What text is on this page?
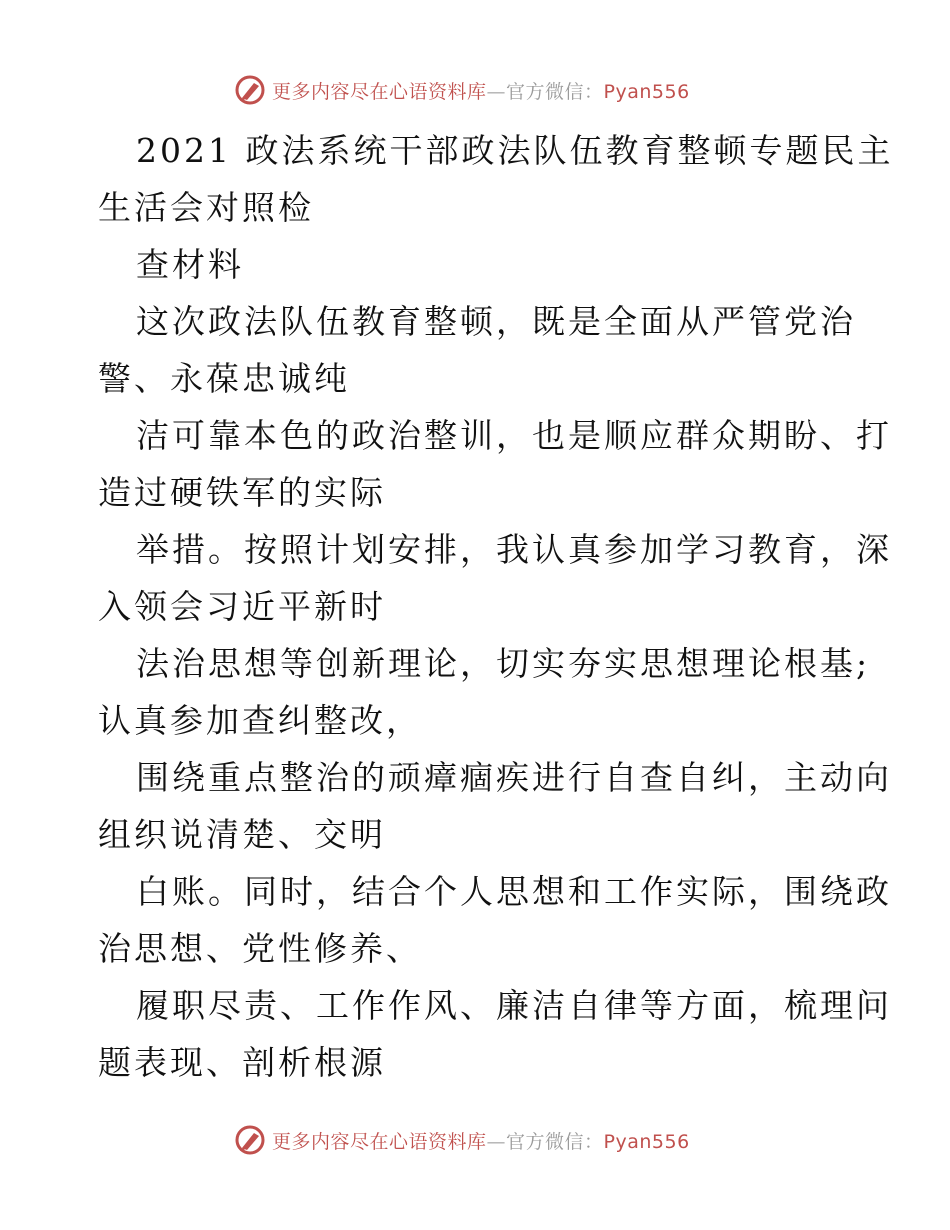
更多内容尽在心语资料库—官方微信：Pyan556
2021 政法系统干部政法队伍教育整顿专题民主
生活会对照检
查材料
这次政法队伍教育整顿，既是全面从严管党治
警、永葆忠诚纯
洁可靠本色的政治整训，也是顺应群众期盼、打
造过硬铁军的实际
举措。按照计划安排，我认真参加学习教育，深
入领会习近平新时
法治思想等创新理论，切实夯实思想理论根基;
认真参加查纠整改，
围绕重点整治的顽瘴痼疾进行自查自纠，主动向
组织说清楚、交明
白账。同时，结合个人思想和工作实际，围绕政
治思想、党性修养、
履职尽责、工作作风、廉洁自律等方面，梳理问
题表现、剖析根源
更多内容尽在心语资料库—官方微信：Pyan556
